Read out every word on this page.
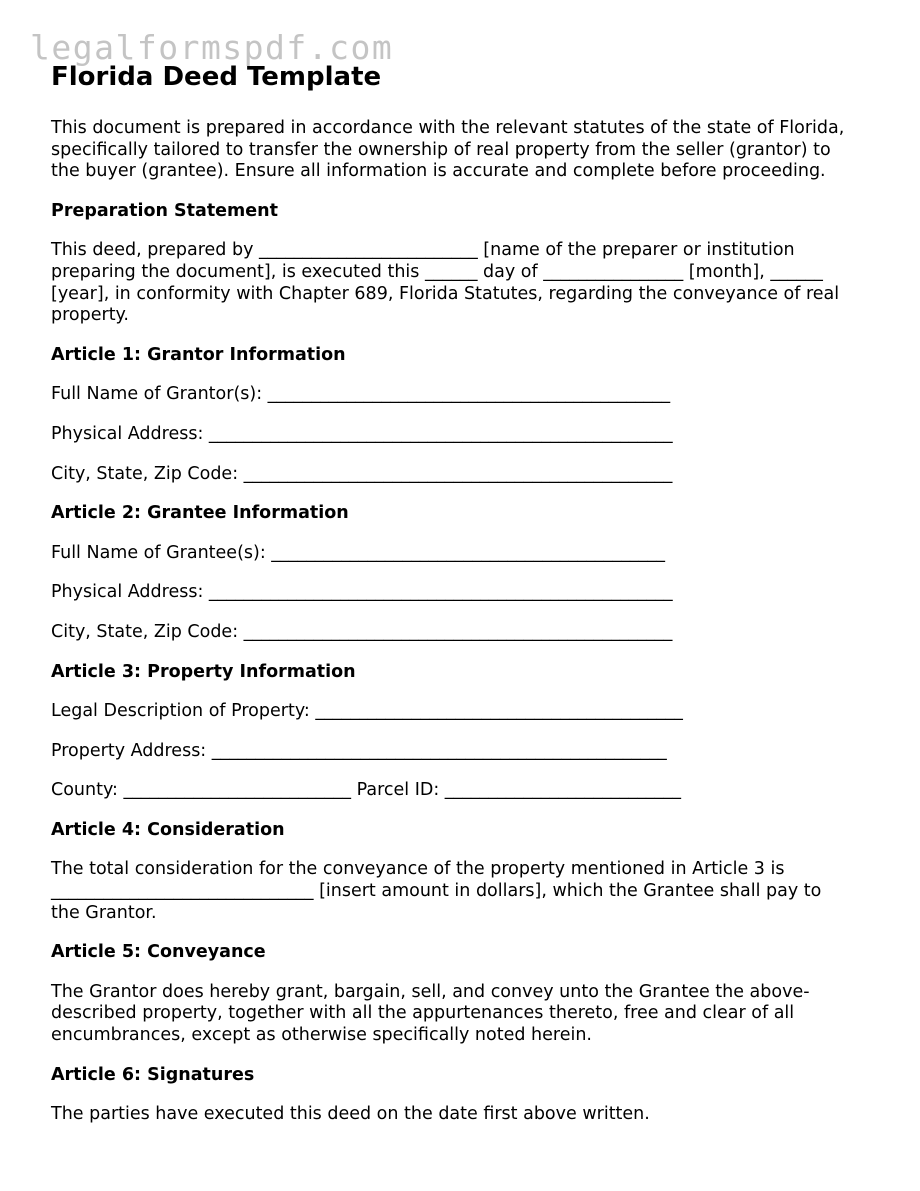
legalformspdf.com
Florida Deed Template

This document is prepared in accordance with the relevant statutes of the state of Florida,
specifically tailored to transfer the ownership of real property from the seller (grantor) to
the buyer (grantee). Ensure all information is accurate and complete before proceeding.

Preparation Statement

This deed, prepared by _________________________ [name of the preparer or institution
preparing the document], is executed this ______ day of ________________ [month], ______
[year], in conformity with Chapter 689, Florida Statutes, regarding the conveyance of real
property.

Article 1: Grantor Information

Full Name of Grantor(s): ______________________________________________

Physical Address: _____________________________________________________

City, State, Zip Code: _________________________________________________

Article 2: Grantee Information

Full Name of Grantee(s): _____________________________________________

Physical Address: _____________________________________________________

City, State, Zip Code: _________________________________________________

Article 3: Property Information

Legal Description of Property: __________________________________________

Property Address: ____________________________________________________

County: __________________________ Parcel ID: ___________________________

Article 4: Consideration

The total consideration for the conveyance of the property mentioned in Article 3 is
______________________________ [insert amount in dollars], which the Grantee shall pay to
the Grantor.

Article 5: Conveyance

The Grantor does hereby grant, bargain, sell, and convey unto the Grantee the above-
described property, together with all the appurtenances thereto, free and clear of all
encumbrances, except as otherwise specifically noted herein.

Article 6: Signatures

The parties have executed this deed on the date first above written.
